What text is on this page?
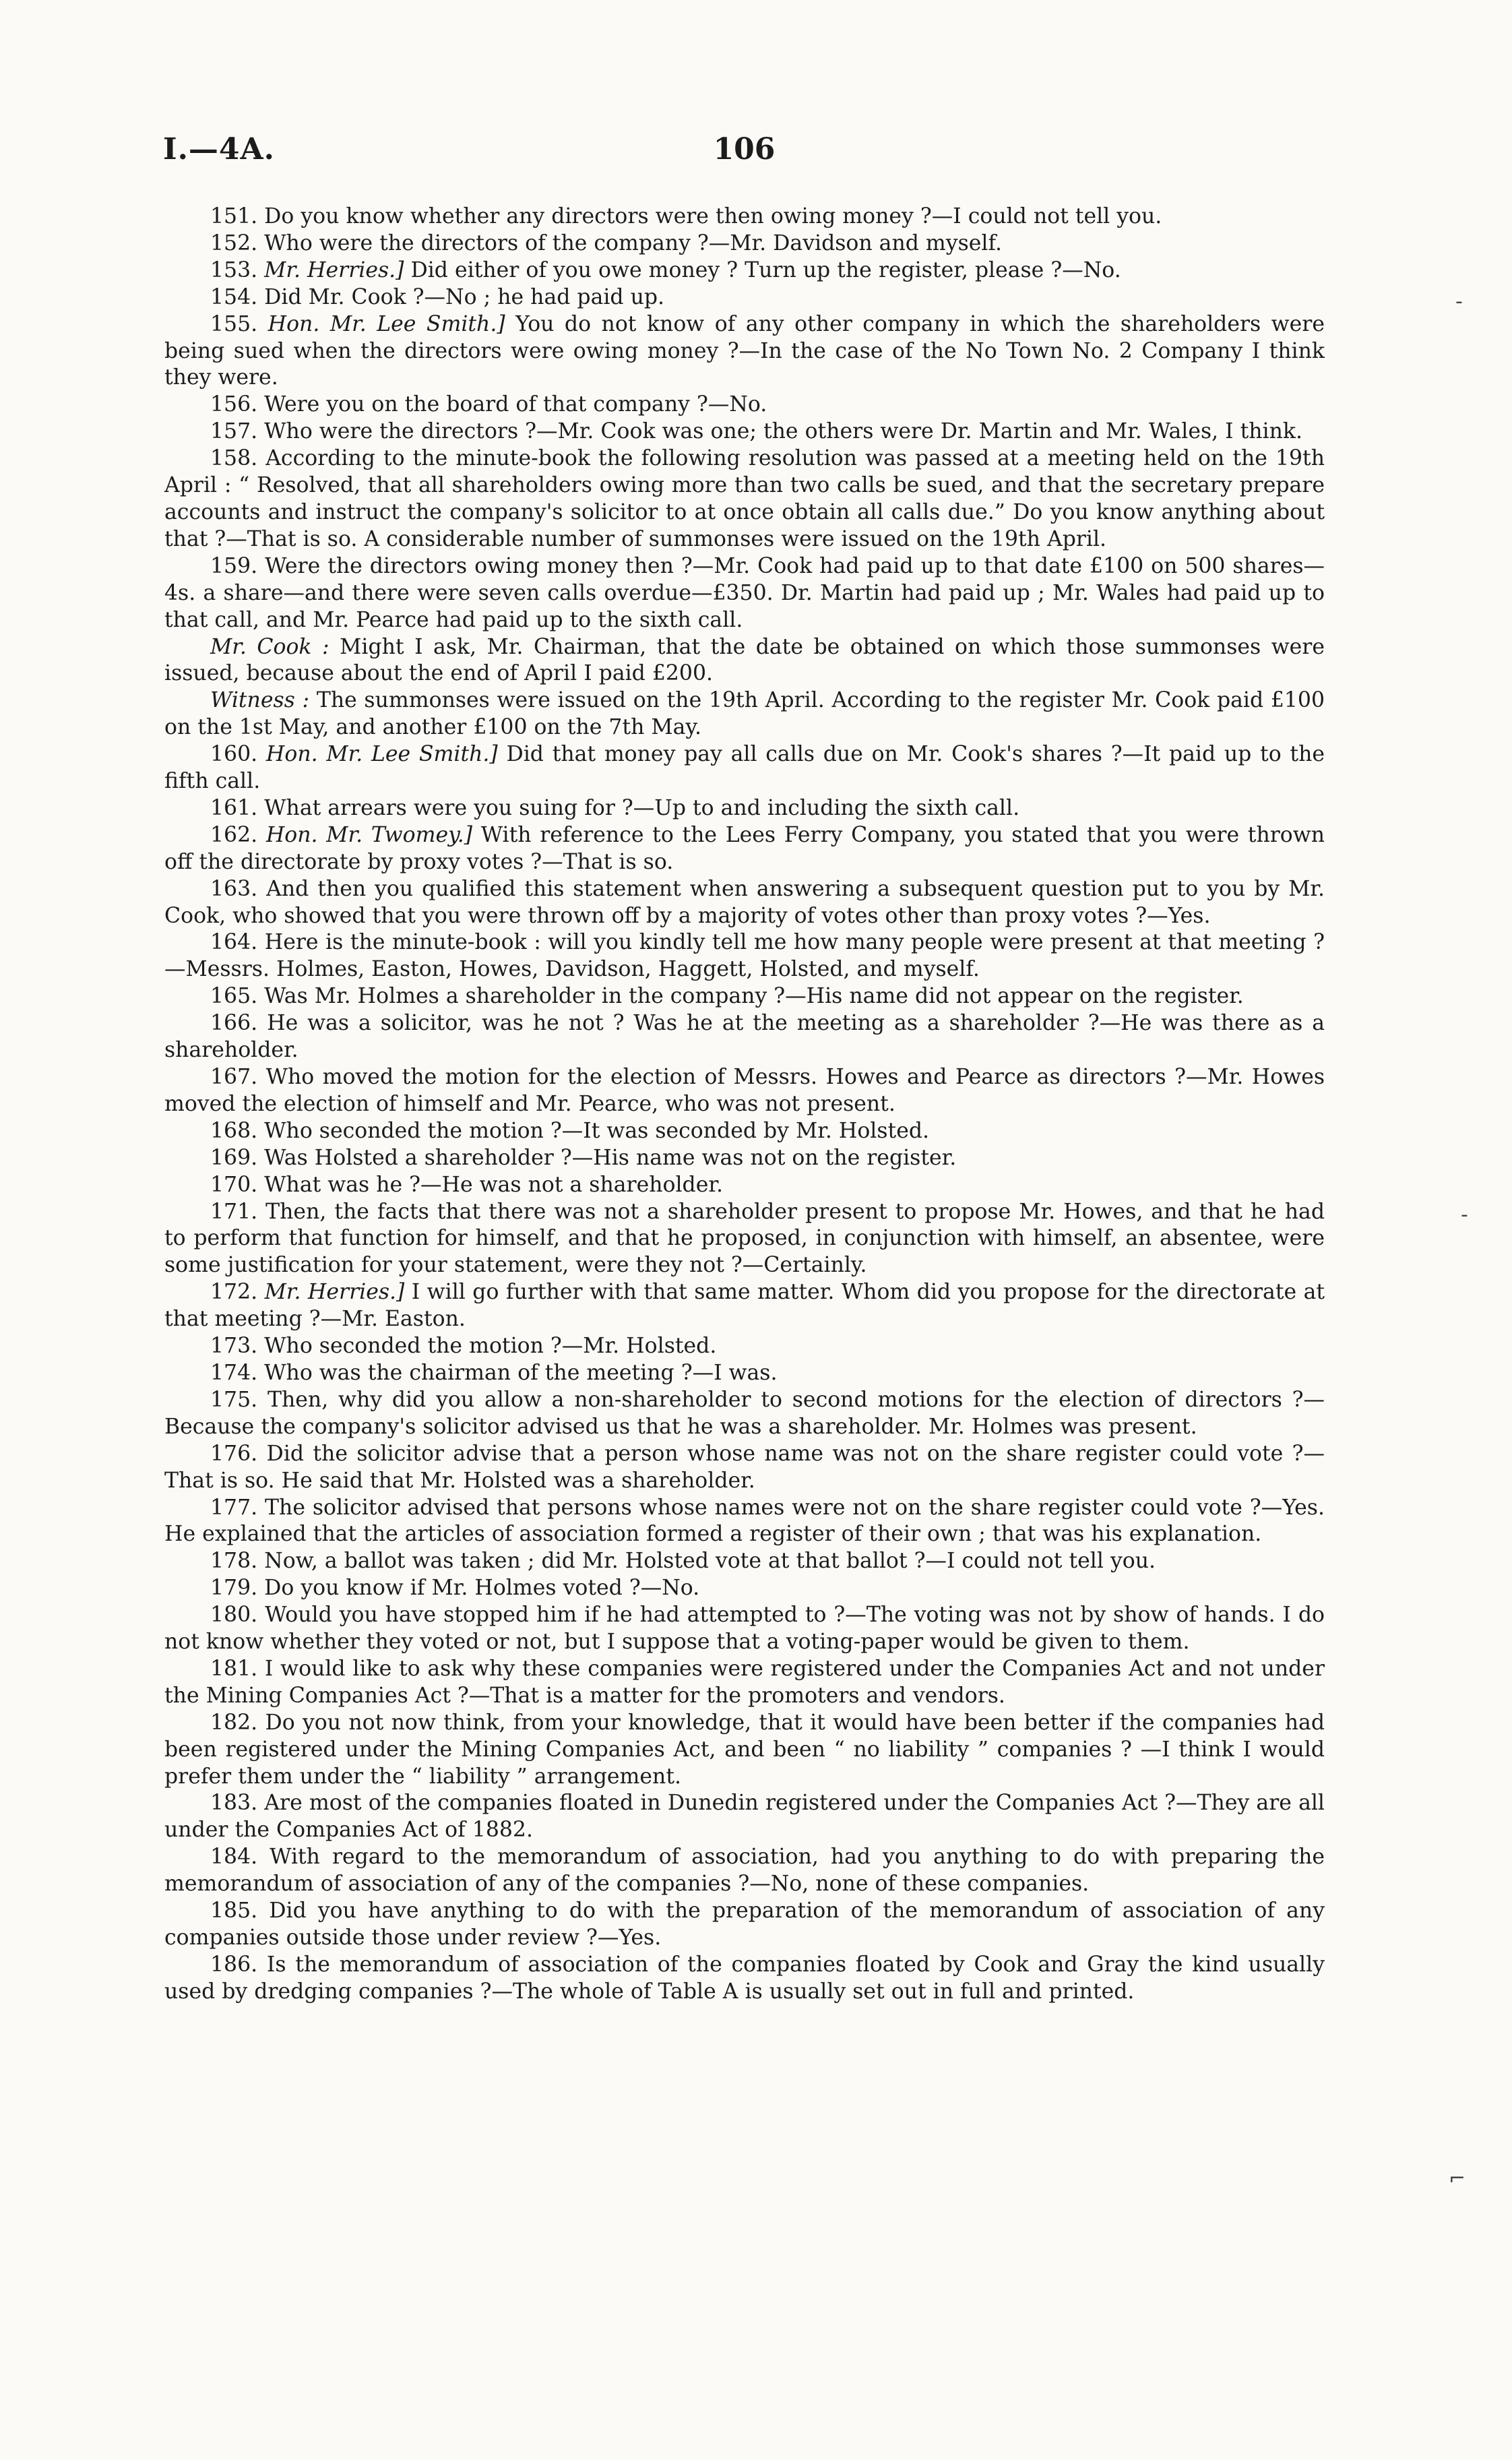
I.—4A.	106

151. Do you know whether any directors were then owing money ?—I could not tell you.

152. Who were the directors of the company ?—Mr. Davidson and myself.

153. Mr. Herries.] Did either of you owe money ? Turn up the register, please ?—No.

154. Did Mr. Cook ?—No ; he had paid up.

155. Hon. Mr. Lee Smith.] You do not know of any other company in which the shareholders were being sued when the directors were owing money ?—In the case of the No Town No. 2 Company I think they were.

156. Were you on the board of that company ?—No.

157. Who were the directors ?—Mr. Cook was one; the others were Dr. Martin and Mr. Wales, I think.

158. According to the minute-book the following resolution was passed at a meeting held on the 19th April : “ Resolved, that all shareholders owing more than two calls be sued, and that the secretary prepare accounts and instruct the company's solicitor to at once obtain all calls due.” Do you know anything about that ?—That is so. A considerable number of summonses were issued on the 19th April.

159. Were the directors owing money then ?—Mr. Cook had paid up to that date £100 on 500 shares—4s. a share—and there were seven calls overdue—£350. Dr. Martin had paid up ; Mr. Wales had paid up to that call, and Mr. Pearce had paid up to the sixth call.

Mr. Cook : Might I ask, Mr. Chairman, that the date be obtained on which those summonses were issued, because about the end of April I paid £200.

Witness : The summonses were issued on the 19th April. According to the register Mr. Cook paid £100 on the 1st May, and another £100 on the 7th May.

160. Hon. Mr. Lee Smith.] Did that money pay all calls due on Mr. Cook's shares ?—It paid up to the fifth call.

161. What arrears were you suing for ?—Up to and including the sixth call.

162. Hon. Mr. Twomey.] With reference to the Lees Ferry Company, you stated that you were thrown off the directorate by proxy votes ?—That is so.

163. And then you qualified this statement when answering a subsequent question put to you by Mr. Cook, who showed that you were thrown off by a majority of votes other than proxy votes ?—Yes.

164. Here is the minute-book : will you kindly tell me how many people were present at that meeting ?—Messrs. Holmes, Easton, Howes, Davidson, Haggett, Holsted, and myself.

165. Was Mr. Holmes a shareholder in the company ?—His name did not appear on the register.

166. He was a solicitor, was he not ? Was he at the meeting as a shareholder ?—He was there as a shareholder.

167. Who moved the motion for the election of Messrs. Howes and Pearce as directors ?—Mr. Howes moved the election of himself and Mr. Pearce, who was not present.

168. Who seconded the motion ?—It was seconded by Mr. Holsted.

169. Was Holsted a shareholder ?—His name was not on the register.

170. What was he ?—He was not a shareholder.

171. Then, the facts that there was not a shareholder present to propose Mr. Howes, and that he had to perform that function for himself, and that he proposed, in conjunction with himself, an absentee, were some justification for your statement, were they not ?—Certainly.

172. Mr. Herries.] I will go further with that same matter. Whom did you propose for the directorate at that meeting ?—Mr. Easton.

173. Who seconded the motion ?—Mr. Holsted.

174. Who was the chairman of the meeting ?—I was.

175. Then, why did you allow a non-shareholder to second motions for the election of directors ?—Because the company's solicitor advised us that he was a shareholder. Mr. Holmes was present.

176. Did the solicitor advise that a person whose name was not on the share register could vote ?—That is so. He said that Mr. Holsted was a shareholder.

177. The solicitor advised that persons whose names were not on the share register could vote ?—Yes. He explained that the articles of association formed a register of their own ; that was his explanation.

178. Now, a ballot was taken ; did Mr. Holsted vote at that ballot ?—I could not tell you.

179. Do you know if Mr. Holmes voted ?—No.

180. Would you have stopped him if he had attempted to ?—The voting was not by show of hands. I do not know whether they voted or not, but I suppose that a voting-paper would be given to them.

181. I would like to ask why these companies were registered under the Companies Act and not under the Mining Companies Act ?—That is a matter for the promoters and vendors.

182. Do you not now think, from your knowledge, that it would have been better if the companies had been registered under the Mining Companies Act, and been “ no liability ” companies ? —I think I would prefer them under the “ liability ” arrangement.

183. Are most of the companies floated in Dunedin registered under the Companies Act ?—They are all under the Companies Act of 1882.

184. With regard to the memorandum of association, had you anything to do with preparing the memorandum of association of any of the companies ?—No, none of these companies.

185. Did you have anything to do with the preparation of the memorandum of association of any companies outside those under review ?—Yes.

186. Is the memorandum of association of the companies floated by Cook and Gray the kind usually used by dredging companies ?—The whole of Table A is usually set out in full and printed.

‐
‐
⌐
